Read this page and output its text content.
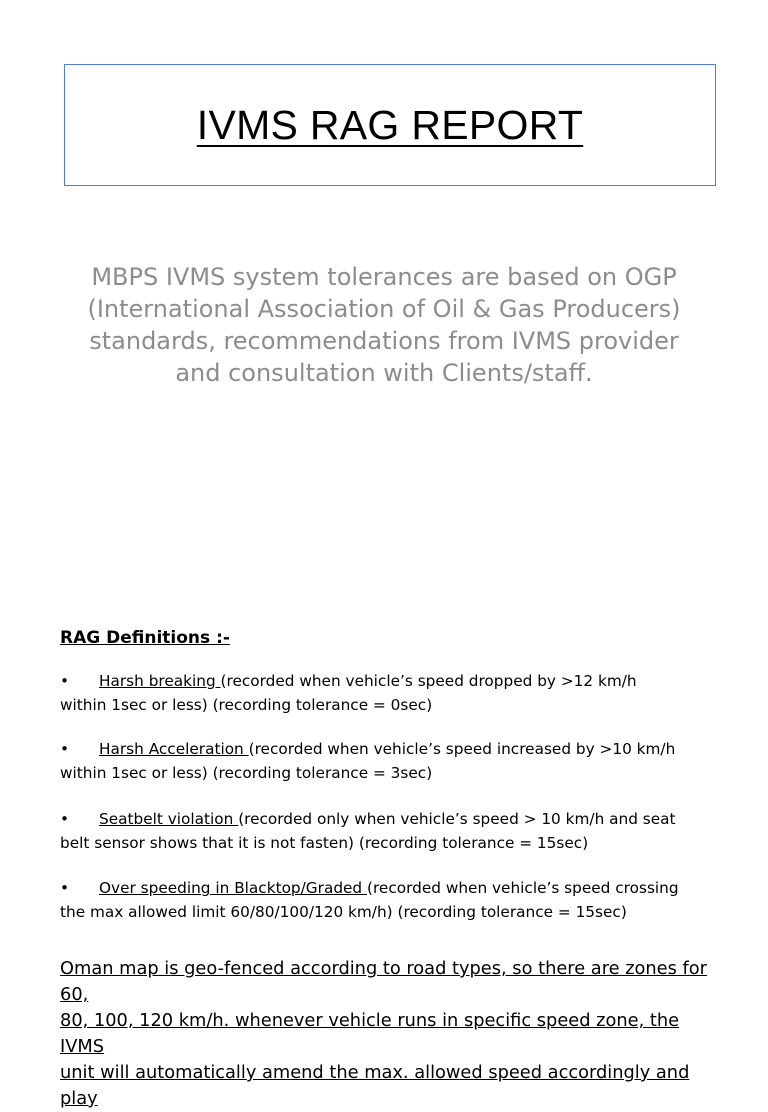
IVMS RAG REPORT

MBPS IVMS system tolerances are based on OGP

(International Association of Oil & Gas Producers)

standards, recommendations from IVMS provider

and consultation with Clients/staff.

RAG Definitions :-
• Harsh breaking (recorded when vehicle’s speed dropped by >12 km/h
within 1sec or less) (recording tolerance = 0sec)
• Harsh Acceleration (recorded when vehicle’s speed increased by >10 km/h
within 1sec or less) (recording tolerance = 3sec)
• Seatbelt violation (recorded only when vehicle’s speed > 10 km/h and seat
belt sensor shows that it is not fasten) (recording tolerance = 15sec)
• Over speeding in Blacktop/Graded (recorded when vehicle’s speed crossing
the max allowed limit 60/80/100/120 km/h) (recording tolerance = 15sec)
Oman map is geo-fenced according to road types, so there are zones for 60,
80, 100, 120 km/h. whenever vehicle runs in specific speed zone, the IVMS
unit will automatically amend the max. allowed speed accordingly and play
